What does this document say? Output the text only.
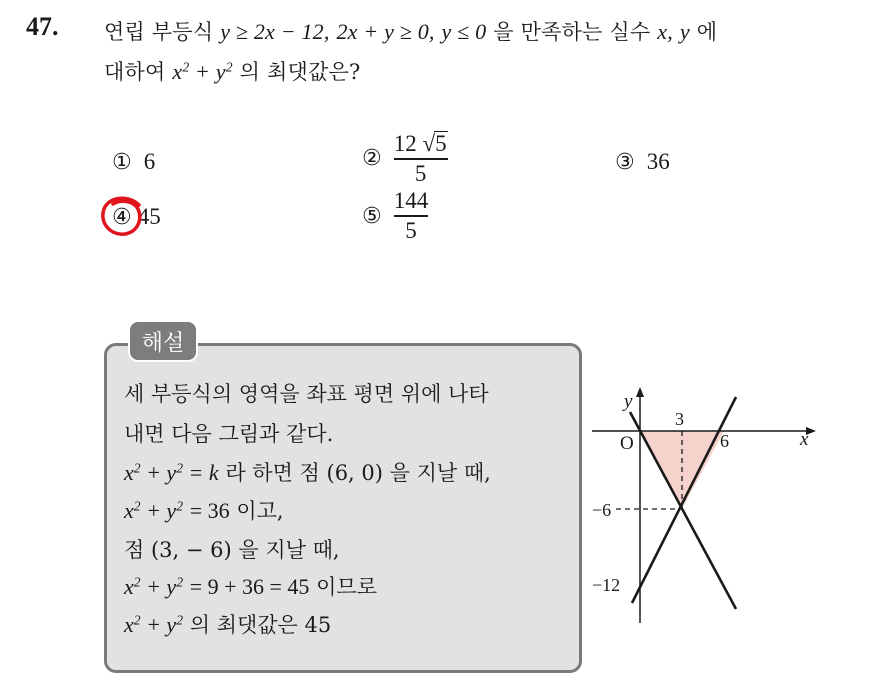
47. 연립 부등식 y ≥ 2x − 12, 2x + y ≥ 0, y ≤ 0 을 만족하는 실수 x, y 에
대하여 $x^2 + y^2$ 의 최댓값은?
① 6	② $\frac{12 √ 5}{5}$	③ 36
④ 45	⑤ $\frac{144}{5}$
해설
세 부등식의 영역을 좌표 평면 위에 나타
내면 다음 그림과 같다.
$x^2 + y^2 = k$ 라 하면 점 (6, 0) 을 지날 때,
$x^2 + y^2 = 36$ 이고,
점 (3, − 6) 을 지날 때,
$x^2 + y^2 = 9 + 36 = 45$ 이므로
$x^2 + y^2$ 의 최댓값은 45
y
x
O
3
6
−6
−12
